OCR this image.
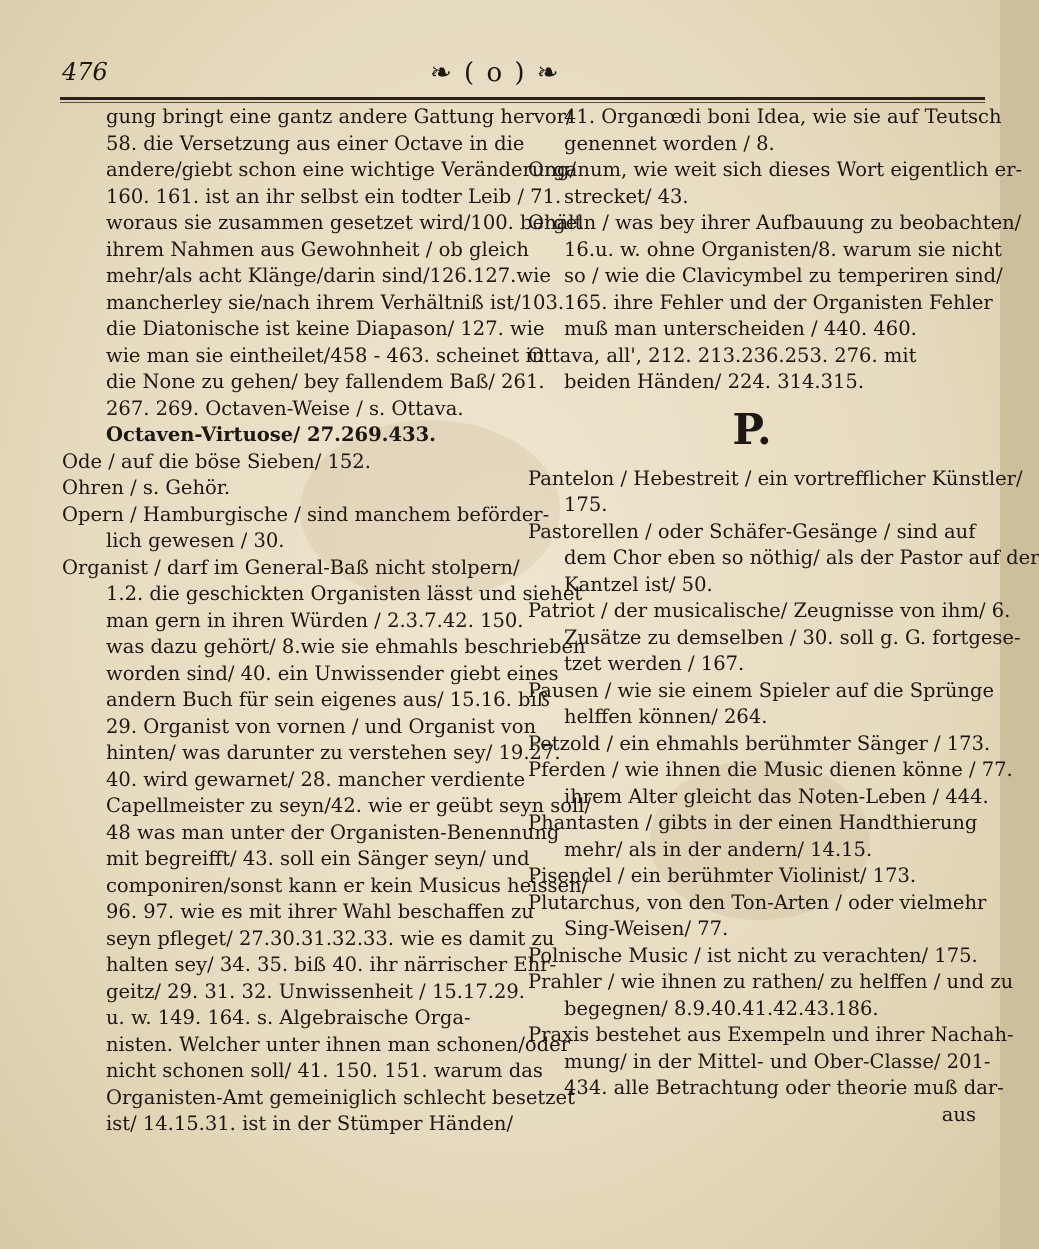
476	❧ ( o ) ❧
gung bringt eine gantz andere Gattung hervor/
58. die Versetzung aus einer Octave in die
andere/giebt schon eine wichtige Veränderung/
160. 161. ist an ihr selbst ein todter Leib / 71.
woraus sie zusammen gesetzet wird/100. behält
ihrem Nahmen aus Gewohnheit / ob gleich
mehr/als acht Klänge/darin sind/126.127.wie
mancherley sie/nach ihrem Verhältniß ist/103.
die Diatonische ist keine Diapason/ 127. wie
wie man sie eintheilet/458 - 463. scheinet in
die None zu gehen/ bey fallendem Baß/ 261.
267. 269. Octaven-Weise / s. Ottava.
Octaven-Virtuose/ 27.269.433.
Ode / auf die böse Sieben/ 152.
Ohren / s. Gehör.
Opern / Hamburgische / sind manchem beförder-
lich gewesen / 30.
Organist / darf im General-Baß nicht stolpern/
1.2. die geschickten Organisten lässt und siehet
man gern in ihren Würden / 2.3.7.42. 150.
was dazu gehört/ 8.wie sie ehmahls beschrieben
worden sind/ 40. ein Unwissender giebt eines
andern Buch für sein eigenes aus/ 15.16. biß
29. Organist von vornen / und Organist von
hinten/ was darunter zu verstehen sey/ 19.27.
40. wird gewarnet/ 28. mancher verdiente
Capellmeister zu seyn/42. wie er geübt seyn soll/
48 was man unter der Organisten-Benennung
mit begreifft/ 43. soll ein Sänger seyn/ und
componiren/sonst kann er kein Musicus heissen/
96. 97. wie es mit ihrer Wahl beschaffen zu
seyn pfleget/ 27.30.31.32.33. wie es damit zu
halten sey/ 34. 35. biß 40. ihr närrischer Ehr-
geitz/ 29. 31. 32. Unwissenheit / 15.17.29.
u. w. 149. 164. s. Algebraische Orga-
nisten. Welcher unter ihnen man schonen/oder
nicht schonen soll/ 41. 150. 151. warum das
Organisten-Amt gemeiniglich schlecht besetzet
ist/ 14.15.31. ist in der Stümper Händen/
41. Organœdi boni Idea, wie sie auf Teutsch
genennet worden / 8.
Organum, wie weit sich dieses Wort eigentlich er-
strecket/ 43.
Orgeln / was bey ihrer Aufbauung zu beobachten/
16.u. w. ohne Organisten/8. warum sie nicht
so / wie die Clavicymbel zu temperiren sind/
165. ihre Fehler und der Organisten Fehler
muß man unterscheiden / 440. 460.
Ottava, all', 212. 213.236.253. 276. mit
beiden Händen/ 224. 314.315.
P.
Pantelon / Hebestreit / ein vortrefflicher Künstler/
175.
Pastorellen / oder Schäfer-Gesänge / sind auf
dem Chor eben so nöthig/ als der Pastor auf der
Kantzel ist/ 50.
Patriot / der musicalische/ Zeugnisse von ihm/ 6.
Zusätze zu demselben / 30. soll g. G. fortgese-
tzet werden / 167.
Pausen / wie sie einem Spieler auf die Sprünge
helffen können/ 264.
Petzold / ein ehmahls berühmter Sänger / 173.
Pferden / wie ihnen die Music dienen könne / 77.
ihrem Alter gleicht das Noten-Leben / 444.
Phantasten / gibts in der einen Handthierung
mehr/ als in der andern/ 14.15.
Pisendel / ein berühmter Violinist/ 173.
Plutarchus, von den Ton-Arten / oder vielmehr
Sing-Weisen/ 77.
Polnische Music / ist nicht zu verachten/ 175.
Prahler / wie ihnen zu rathen/ zu helffen / und zu
begegnen/ 8.9.40.41.42.43.186.
Praxis bestehet aus Exempeln und ihrer Nachah-
mung/ in der Mittel- und Ober-Classe/ 201-
434. alle Betrachtung oder theorie muß dar-
aus
